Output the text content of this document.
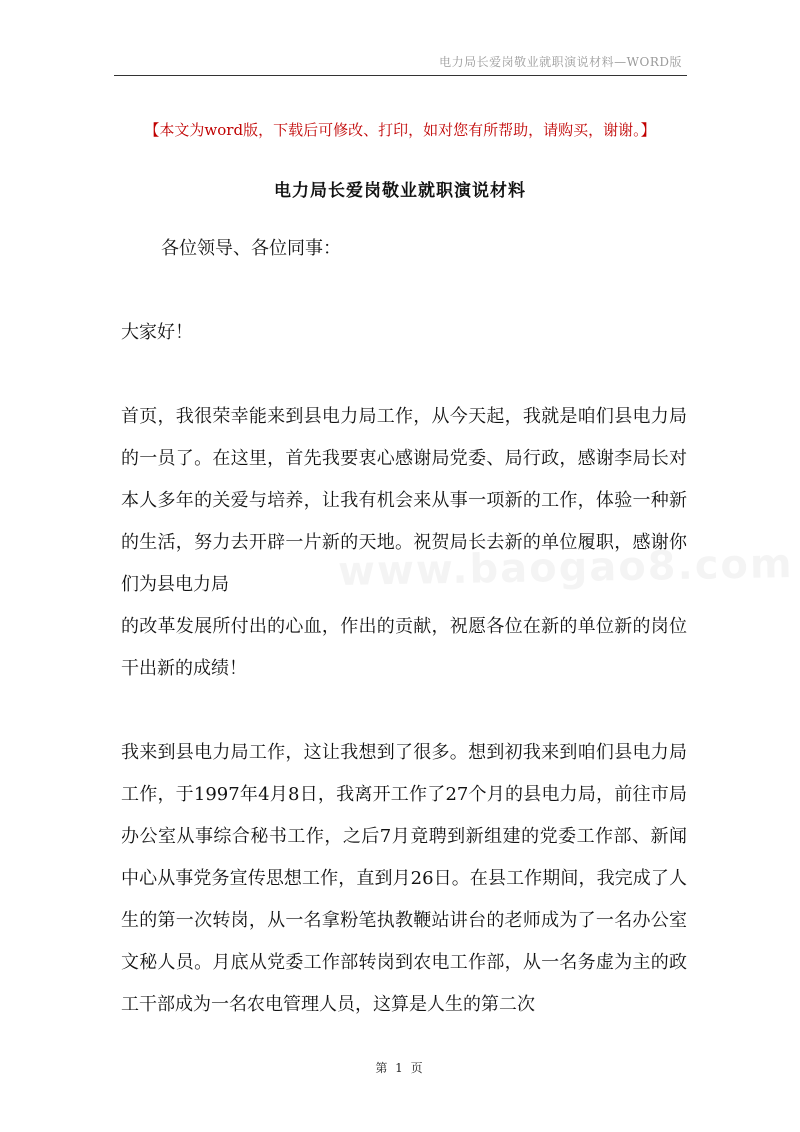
电力局长爱岗敬业就职演说材料—WORD版
【本文为word版，下载后可修改、打印，如对您有所帮助，请购买，谢谢。】
电力局长爱岗敬业就职演说材料

各位领导、各位同事：

大家好！

首页，我很荣幸能来到县电力局工作，从今天起，我就是咱们县电力局的一员了。在这里，首先我要衷心感谢局党委、局行政，感谢李局长对本人多年的关爱与培养，让我有机会来从事一项新的工作，体验一种新的生活，努力去开辟一片新的天地。祝贺局长去新的单位履职，感谢你们为县电力局
的改革发展所付出的心血，作出的贡献，祝愿各位在新的单位新的岗位干出新的成绩！

我来到县电力局工作，这让我想到了很多。想到初我来到咱们县电力局工作，于1997年4月8日，我离开工作了27个月的县电力局，前往市局办公室从事综合秘书工作，之后7月竟聘到新组建的党委工作部、新闻中心从事党务宣传思想工作，直到月26日。在县工作期间，我完成了人生的第一次转岗，从一名拿粉笔执教鞭站讲台的老师成为了一名办公室文秘人员。月底从党委工作部转岗到农电工作部，从一名务虚为主的政工干部成为一名农电管理人员，这算是人生的第二次

第 1 页
